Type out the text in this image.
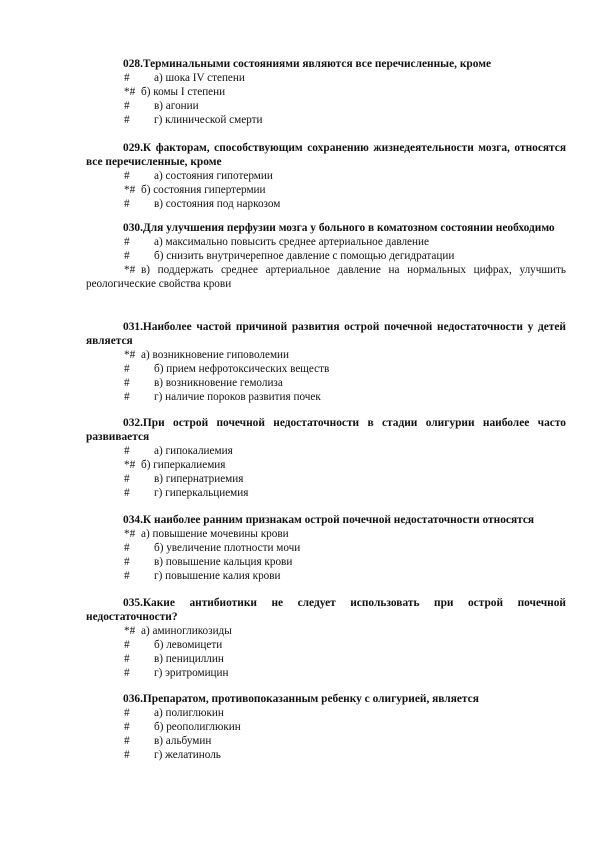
028.Терминальными состояниями являются все перечисленные, кроме

# а) шока IV степени
*# б) комы I степени
# в) агонии
# г) клинической смерти

029.К факторам, способствующим сохранению жизнедеятельности мозга, относятся все перечисленные, кроме

# а) состояния гипотермии
*# б) состояния гипертермии
# в) состояния под наркозом

030.Для улучшения перфузии мозга у больного в коматозном состоянии необходимо

# а) максимально повысить среднее артериальное давление
# б) снизить внутричерепное давление с помощью дегидратации
*# в) поддержать среднее артериальное давление на нормальных цифрах, улучшить реологические свойства крови

031.Наиболее частой причиной развития острой почечной недостаточности у детей является

*# а) возникновение гиповолемии
# б) прием нефротоксических веществ
# в) возникновение гемолиза
# г) наличие пороков развития почек

032.При острой почечной недостаточности в стадии олигурии наиболее часто развивается

# а) гипокалиемия
*# б) гиперкалиемия
# в) гипернатриемия
# г) гиперкальциемия

034.К наиболее ранним признакам острой почечной недостаточности относятся

*# а) повышение мочевины крови
# б) увеличение плотности мочи
# в) повышение кальция крови
# г) повышение калия крови

035.Какие антибиотики не следует использовать при острой почечной недостаточности?

*# а) аминогликозиды
# б) левомицети
# в) пенициллин
# г) эритромицин

036.Препаратом, противопоказанным ребенку с олигурией, является

# а) полиглюкин
# б) реополиглюкин
# в) альбумин
# г) желатиноль
